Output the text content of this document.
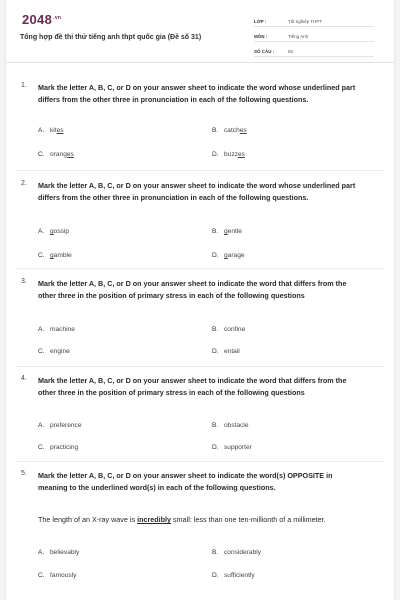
$2048^{.vn}$
Tổng hợp đề thi thử tiếng anh thpt quốc gia (Đề số 31)
LỚP :	Tốt nghiệp THPT
MÔN :	Tiếng Anh
SỐ CÂU :	50
1. Mark the letter A, B, C, or D on your answer sheet to indicate the word whose underlined part differs from the other three in pronunciation in each of the following questions.
A. kites	B. catches
C. oranges	D. buzzes
2. Mark the letter A, B, C, or D on your answer sheet to indicate the word whose underlined part differs from the other three in pronunciation in each of the following questions.
A. gossip	B. gentle
C. gamble	D. garage
3. Mark the letter A, B, C, or D on your answer sheet to indicate the word that differs from the other three in the position of primary stress in each of the following questions
A. machine	B. confine
C. engine	D. entail
4. Mark the letter A, B, C, or D on your answer sheet to indicate the word that differs from the other three in the position of primary stress in each of the following questions
A. preference	B. obstacle
C. practicing	D. supporter
5. Mark the letter A, B, C, or D on your answer sheet to indicate the word(s) OPPOSITE in meaning to the underlined word(s) in each of the following questions.
The length of an X-ray wave is incredibly small: less than one ten-millionth of a millimeter.
A. believably	B. considerably
C. famously	D. sufficiently
